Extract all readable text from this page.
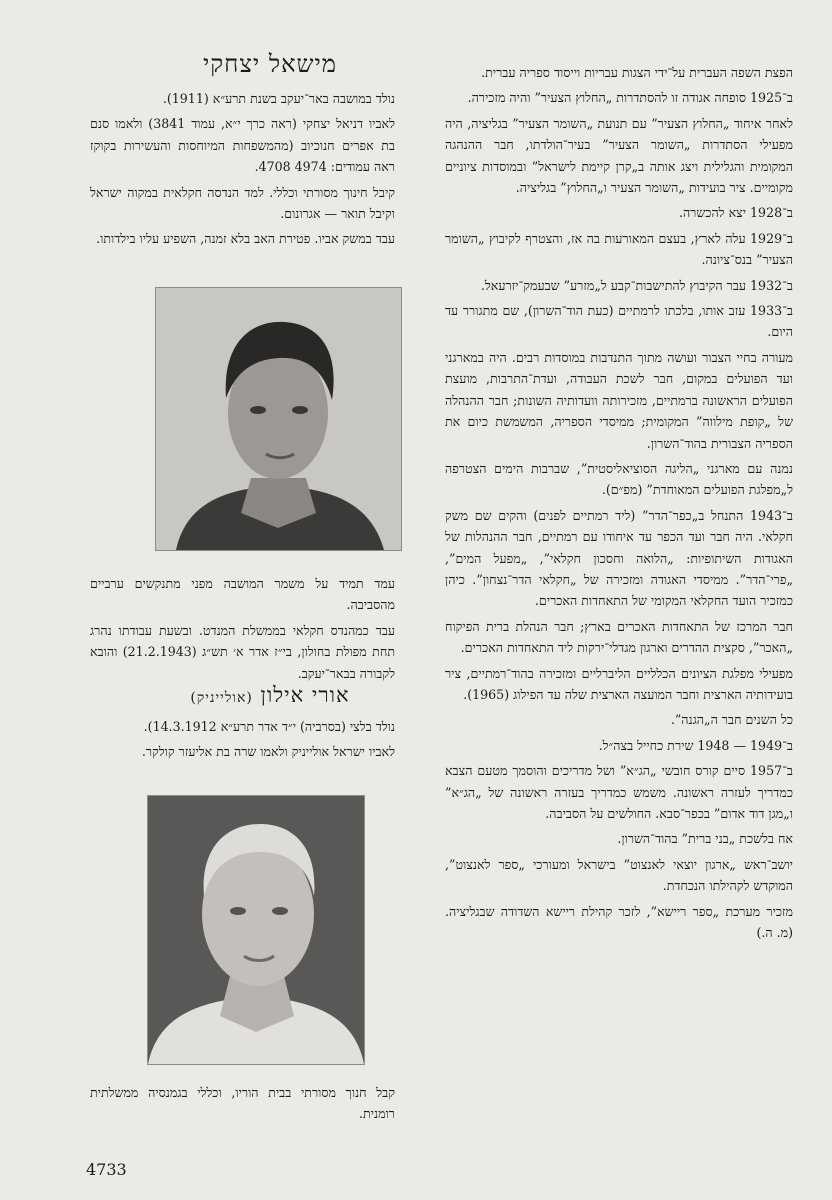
הפצת השפה העברית על־ידי הצגות עבריות וייסוד ספריה עברית.

ב־1925 סופחה אגודה זו להסתדרות „החלוץ הצעיר” והיה מזכירה.

לאחר איחוד „החלוץ הצעיר” עם תנועת „השומר הצעיר” בגליציה, היה מפעילי הסתדרות „השומר הצעיר” בעיר־הולדתו, חבר ההנהגה המקומית והגלילית ויצג אותה ב„קרן קיימת לישראל” ובמוסדות ציוניים מקומיים. ציר בועידות „השומר הצעיר ו„החלוץ” בגליציה.

ב־1928 יצא להכשרה.

ב־1929 עלה לארץ, בעצם המאורעות בה אז, והצטרף לקיבוץ „השומר הצעיר” בנס־ציונה.

ב־1932 עבר הקיבוץ להתישבות־קבע ל„מזרע” שבעמק־יזרעאל.

ב־1933 עזב אותו, בלכתו לרמתיים (כעת הוד־השרון), שם מתגורר עד היום.

מעורה בחיי הצבור ועושה מתוך התנדבות במוסדות רבים. היה במארגני ועד הפועלים במקום, חבר לשכת העבודה, ועדת־התרבות, מועצת הפועלים הראשונה ברמתיים, מזכירותה וועדותיה השונות; חבר ההנהלה של „קופת מילווה” המקומית; ממיסדי הספריה, המשמשת כיום את הספריה הצבורית בהוד־השרון.

נמנה עם מארגני „הליגה הסוציאליסטית”, שברבות הימים הצטרפה ל„מפלגת הפועלים המאוחדת” (מפ״ם).

ב־1943 התנחל ב„כפר־הדר” (ליד רמתיים לפנים) והקים שם משק חקלאי. היה חבר ועד הכפר עד איחודו עם רמתיים, חבר ההנהלות של האגודות השיתופיות: „הלואה וחסכון חקלאי”, „מפעל המים”, „פרי־הדר”. ממיסדי האגודה ומזכירה של „חקלאי הדר־נצחון”. כיהן כמזכיר הועד החקלאי המקומי של התאחדות האכרים.

חבר המרכז של התאחדות האכרים בארץ; חבר הנהלת ברית הפיקוח „האכר”, סקצית ההדרים וארגון מגדלי־ירקות ליד התאחדות האכרים.

מפעילי מפלגת הציונים הכלליים הליברליים ומזכירה בהוד־רמתיים, ציר בועידותיה הארצית וחבר המועצה הארצית שלה עד הפילוג (1965).

כל השנים חבר ה„הגנה”.

ב־1949 — 1948 שירת כחייל בצה״ל.

ב־1957 סיים קורס חובשי „הג״א” ושל מדריכים והוסמך מטעם הצבא כמדריך לעזרה ראשונה. משמש כמדריך בעזרה ראשונה של „הג״א” ו„מגן דוד אדום” בכפר־סבא. החולשים על הסביבה.

אח בלשכת „בני ברית” בהוד־השרון.

יושב־ראש „ארגון יוצאי לאנצוט” בישראל ומעורכי „ספר לאנצוט”, המוקדש לקהילתו הנכחדת.

מזכיר מערכת „ספר ריישא”, לזכר קהילת ריישא השדודה שבגליציה. (מ. ה.)

מישאל יצחקי

נולד במושבה באר־יעקב בשנת תרע״א (1911).

לאביו דניאל יצחקי (ראה כרך י״א, עמוד 3841) ולאמו סנם בת אפרים חנוכיוב (מהמשפחות המיוחסות והעשירות בקוקז ראה עמודים: 4974 4708.

קיבל חינוך מסורתי וכללי. למד הנדסה חקלאית במקוה ישראל וקיבל תואר — אגרונום.

עבד במשק אביו. פטירת האב בלא זמנה, השפיע עליו בילדותו.

עמד תמיד על משמר המושבה מפני מתנקשים ערביים מהסביבה.

עבד כמהנדס חקלאי בממשלת המנדט. ובשעת עבודתו נהרג תחת מפולת בחולון, בי״ז אדר א׳ תש״ג (21.2.1943) והובא לקבורה בבאר־יעקב.

אורי אילון (אולייניק)

נולד בלצי (בסרביה) י״ד אדר תרע״א 14.3.1912).

לאביו ישראל אולייניק ולאמו שרה בת אליעזר קולקר.

קבל חנוך מסורתי בבית הוריו, וכללי בגמנסיה ממשלתית רומנית.

4733
